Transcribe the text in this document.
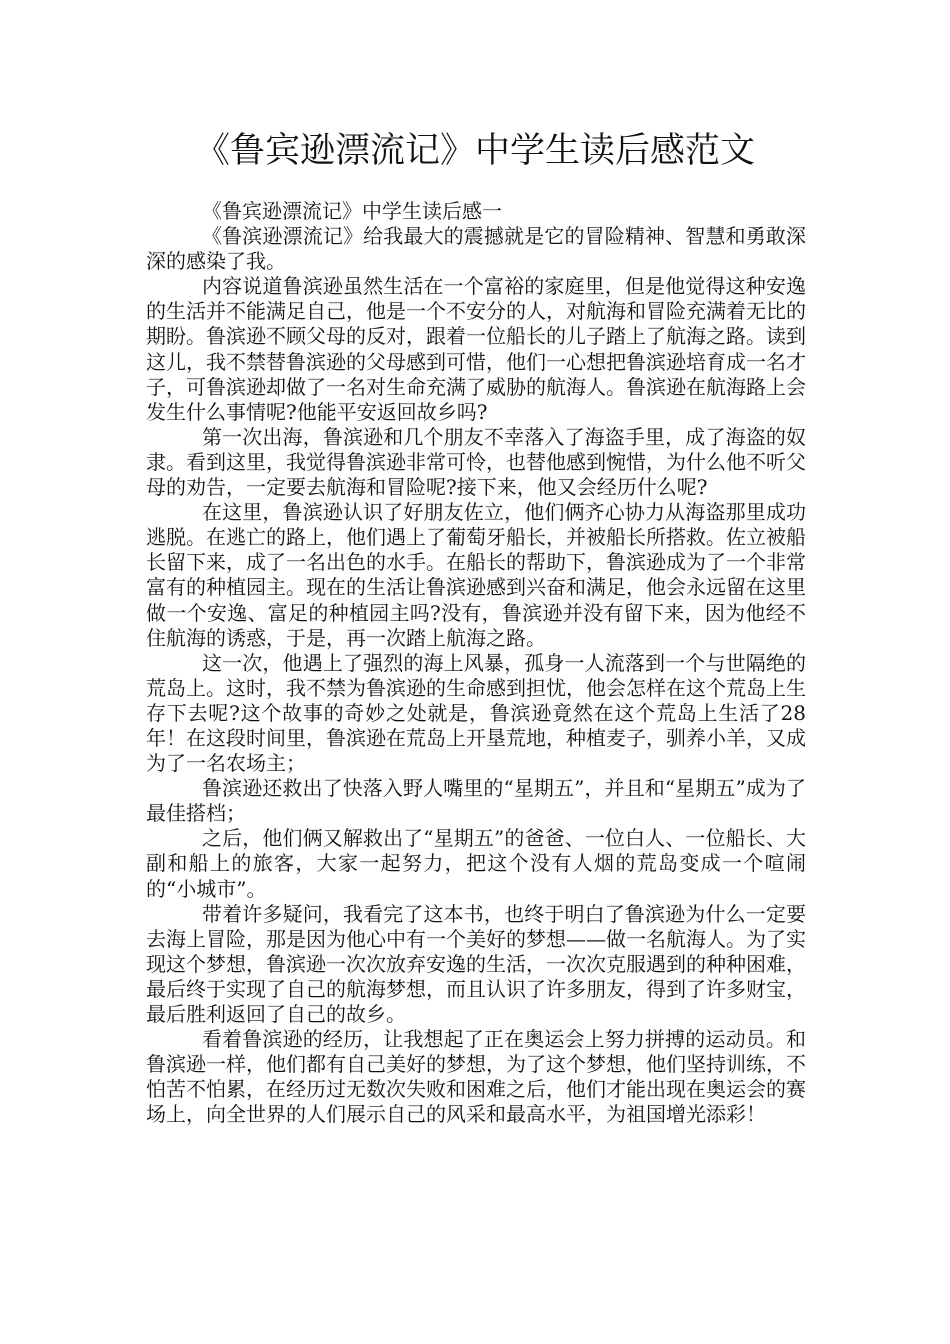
《鲁宾逊漂流记》中学生读后感范文

《鲁宾逊漂流记》中学生读后感一

《鲁滨逊漂流记》给我最大的震撼就是它的冒险精神、智慧和勇敢深深的感染了我。

内容说道鲁滨逊虽然生活在一个富裕的家庭里，但是他觉得这种安逸的生活并不能满足自己，他是一个不安分的人，对航海和冒险充满着无比的期盼。鲁滨逊不顾父母的反对，跟着一位船长的儿子踏上了航海之路。读到这儿，我不禁替鲁滨逊的父母感到可惜，他们一心想把鲁滨逊培育成一名才子，可鲁滨逊却做了一名对生命充满了威胁的航海人。鲁滨逊在航海路上会发生什么事情呢?他能平安返回故乡吗?

第一次出海，鲁滨逊和几个朋友不幸落入了海盗手里，成了海盗的奴隶。看到这里，我觉得鲁滨逊非常可怜，也替他感到惋惜，为什么他不听父母的劝告，一定要去航海和冒险呢?接下来，他又会经历什么呢?

在这里，鲁滨逊认识了好朋友佐立，他们俩齐心协力从海盗那里成功逃脱。在逃亡的路上，他们遇上了葡萄牙船长，并被船长所搭救。佐立被船长留下来，成了一名出色的水手。在船长的帮助下，鲁滨逊成为了一个非常富有的种植园主。现在的生活让鲁滨逊感到兴奋和满足，他会永远留在这里做一个安逸、富足的种植园主吗?没有，鲁滨逊并没有留下来，因为他经不住航海的诱惑，于是，再一次踏上航海之路。

这一次，他遇上了强烈的海上风暴，孤身一人流落到一个与世隔绝的荒岛上。这时，我不禁为鲁滨逊的生命感到担忧，他会怎样在这个荒岛上生存下去呢?这个故事的奇妙之处就是，鲁滨逊竟然在这个荒岛上生活了28年！在这段时间里，鲁滨逊在荒岛上开垦荒地，种植麦子，驯养小羊，又成为了一名农场主；

鲁滨逊还救出了快落入野人嘴里的“星期五”，并且和“星期五”成为了最佳搭档；

之后，他们俩又解救出了“星期五”的爸爸、一位白人、一位船长、大副和船上的旅客，大家一起努力，把这个没有人烟的荒岛变成一个喧闹的“小城市”。

带着许多疑问，我看完了这本书，也终于明白了鲁滨逊为什么一定要去海上冒险，那是因为他心中有一个美好的梦想——做一名航海人。为了实现这个梦想，鲁滨逊一次次放弃安逸的生活，一次次克服遇到的种种困难，最后终于实现了自己的航海梦想，而且认识了许多朋友，得到了许多财宝，最后胜利返回了自己的故乡。

看着鲁滨逊的经历，让我想起了正在奥运会上努力拼搏的运动员。和鲁滨逊一样，他们都有自己美好的梦想，为了这个梦想，他们坚持训练，不怕苦不怕累，在经历过无数次失败和困难之后，他们才能出现在奥运会的赛场上，向全世界的人们展示自己的风采和最高水平，为祖国增光添彩！
